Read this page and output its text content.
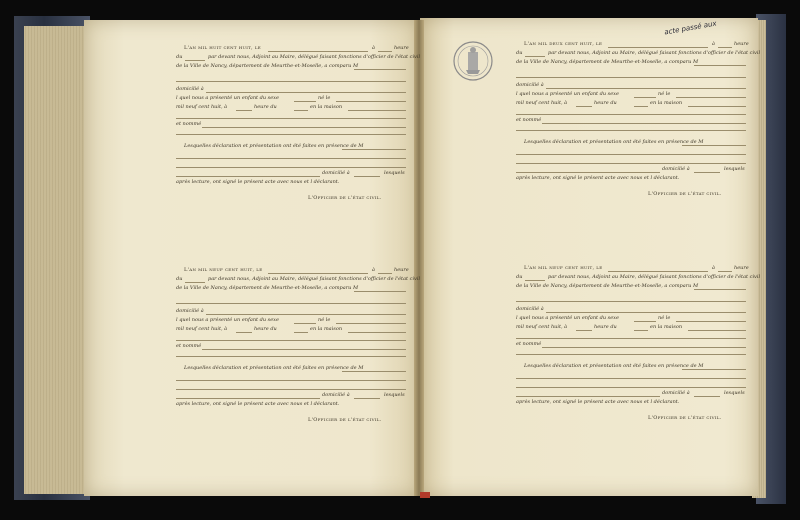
acte passé aux
L'an mil huit cent huit, le	à	heure
du	par devant nous, Adjoint au Maire, délégué faisant fonctions d'officier de l'état civil
de la Ville de Nancy, département de Meurthe-et-Moselle, a comparu M
domicilié à
l quel nous a présenté un enfant du sexe	né le
mil neuf cent huit, à	heure du	en la maison
et nommé
Lesquelles déclaration et présentation ont été faites en présence de M
domicilié à	lesquels
après lecture, ont signé le présent acte avec nous et l déclarant.
L'Officier de l'état civil.
L'an mil deux cent huit, le	à	heure
du	par devant nous, Adjoint au Maire, délégué faisant fonctions d'officier de l'état civil
de la Ville de Nancy, département de Meurthe-et-Moselle, a comparu M
domicilié à
l quel nous a présenté un enfant du sexe	né le
mil neuf cent huit, à	heure du	en la maison
et nommé
Lesquelles déclaration et présentation ont été faites en présence de M
domicilié à	lesquels
après lecture, ont signé le présent acte avec nous et l déclarant.
L'Officier de l'état civil.
L'an mil neuf cent huit, le	à	heure
du	par devant nous, Adjoint au Maire, délégué faisant fonctions d'officier de l'état civil
de la Ville de Nancy, département de Meurthe-et-Moselle, a comparu M
domicilié à
l quel nous a présenté un enfant du sexe	né le
mil neuf cent huit, à	heure du	en la maison
et nommé
Lesquelles déclaration et présentation ont été faites en présence de M
domicilié à	lesquels
après lecture, ont signé le présent acte avec nous et l déclarant.
L'Officier de l'état civil.
L'an mil neuf cent huit, le	à	heure
du	par devant nous, Adjoint au Maire, délégué faisant fonctions d'officier de l'état civil
de la Ville de Nancy, département de Meurthe-et-Moselle, a comparu M
domicilié à
l quel nous a présenté un enfant du sexe	né le
mil neuf cent huit, à	heure du	en la maison
et nommé
Lesquelles déclaration et présentation ont été faites en présence de M
domicilié à	lesquels
après lecture, ont signé le présent acte avec nous et l déclarant.
L'Officier de l'état civil.
